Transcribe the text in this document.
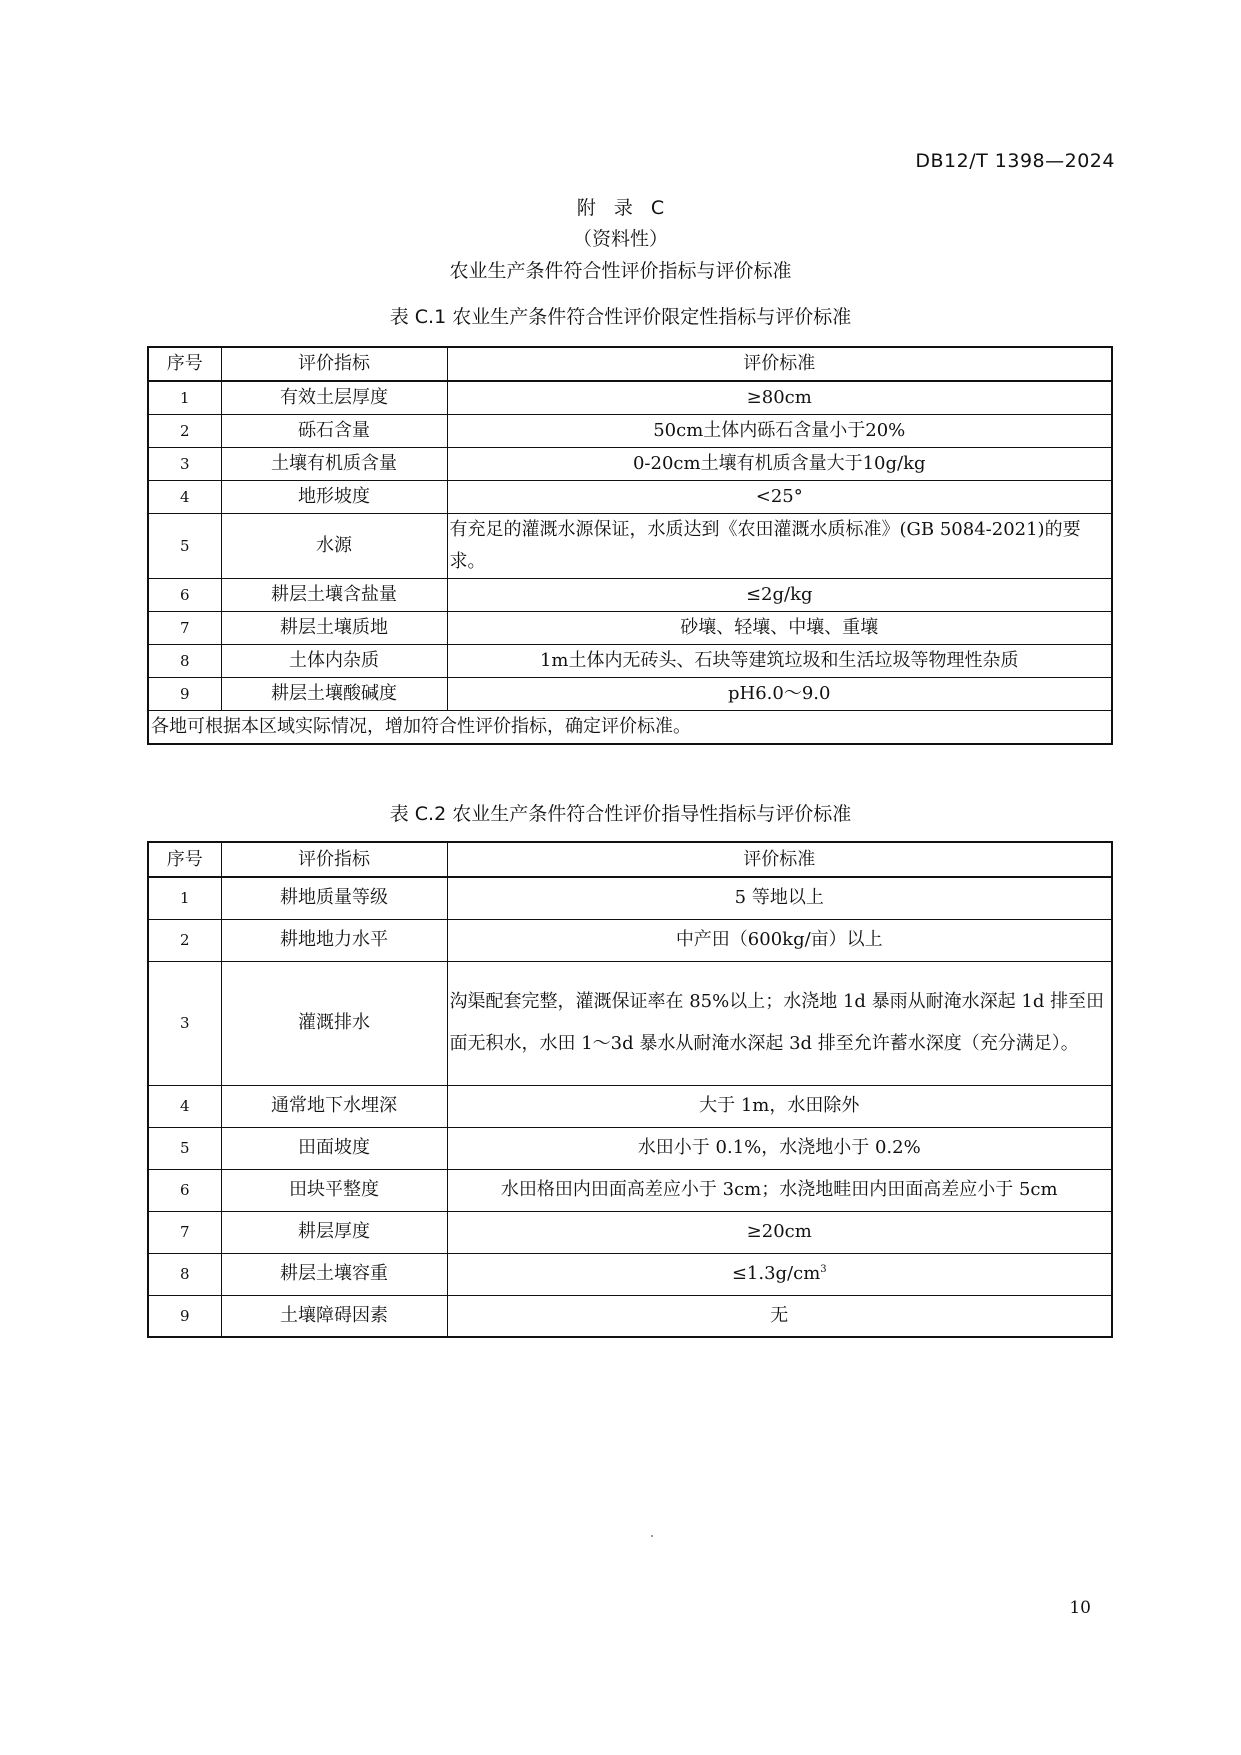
DB12/T 1398—2024
附 录 C
（资料性）
农业生产条件符合性评价指标与评价标准
表 C.1 农业生产条件符合性评价限定性指标与评价标准
序号	评价指标	评价标准
1	有效土层厚度	≥80cm
2	砾石含量	50cm土体内砾石含量小于20%
3	土壤有机质含量	0-20cm土壤有机质含量大于10g/kg
4	地形坡度	<25°
5	水源	有充足的灌溉水源保证，水质达到《农田灌溉水质标准》(GB 5084-2021)的要求。
6	耕层土壤含盐量	≤2g/kg
7	耕层土壤质地	砂壤、轻壤、中壤、重壤
8	土体内杂质	1m土体内无砖头、石块等建筑垃圾和生活垃圾等物理性杂质
9	耕层土壤酸碱度	pH6.0～9.0
各地可根据本区域实际情况，增加符合性评价指标，确定评价标准。		
表 C.2 农业生产条件符合性评价指导性指标与评价标准
序号	评价指标	评价标准
1	耕地质量等级	5 等地以上
2	耕地地力水平	中产田（600kg/亩）以上
3	灌溉排水	沟渠配套完整，灌溉保证率在 85%以上；水浇地 1d 暴雨从耐淹水深起 1d 排至田面无积水，水田 1～3d 暴水从耐淹水深起 3d 排至允许蓄水深度（充分满足）。
4	通常地下水埋深	大于 1m，水田除外
5	田面坡度	水田小于 0.1%，水浇地小于 0.2%
6	田块平整度	水田格田内田面高差应小于 3cm；水浇地畦田内田面高差应小于 5cm
7	耕层厚度	≥20cm
8	耕层土壤容重	$\le 1.3g/cm^3$
9	土壤障碍因素	无
10
